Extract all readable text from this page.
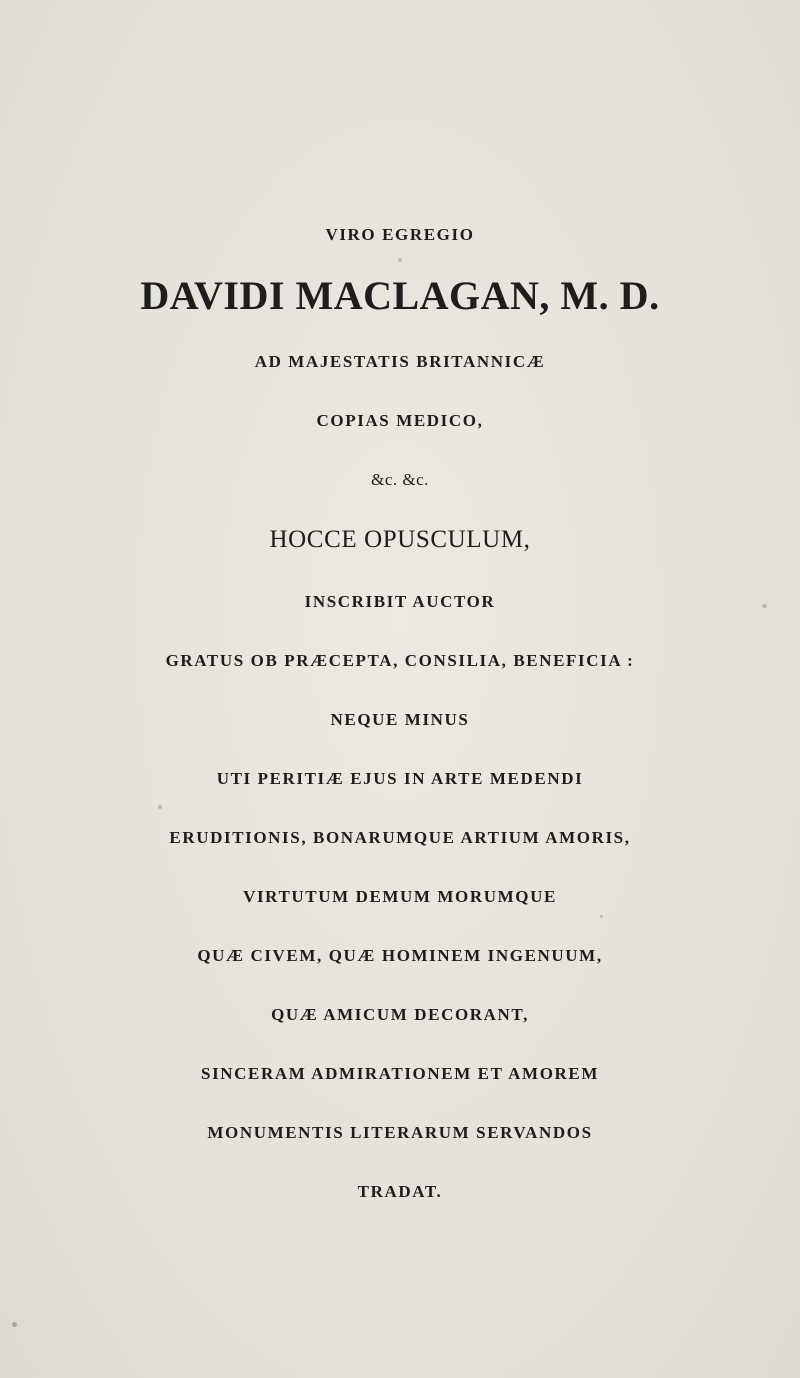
VIRO EGREGIO
DAVIDI MACLAGAN, M. D.
AD MAJESTATIS BRITANNICÆ
COPIAS MEDICO,
&c. &c.
HOCCE OPUSCULUM,
INSCRIBIT AUCTOR
GRATUS OB PRÆCEPTA, CONSILIA, BENEFICIA :
NEQUE MINUS
UTI PERITIÆ EJUS IN ARTE MEDENDI
ERUDITIONIS, BONARUMQUE ARTIUM AMORIS,
VIRTUTUM DEMUM MORUMQUE
QUÆ CIVEM, QUÆ HOMINEM INGENUUM,
QUÆ AMICUM DECORANT,
SINCERAM ADMIRATIONEM ET AMOREM
MONUMENTIS LITERARUM SERVANDOS
TRADAT.
